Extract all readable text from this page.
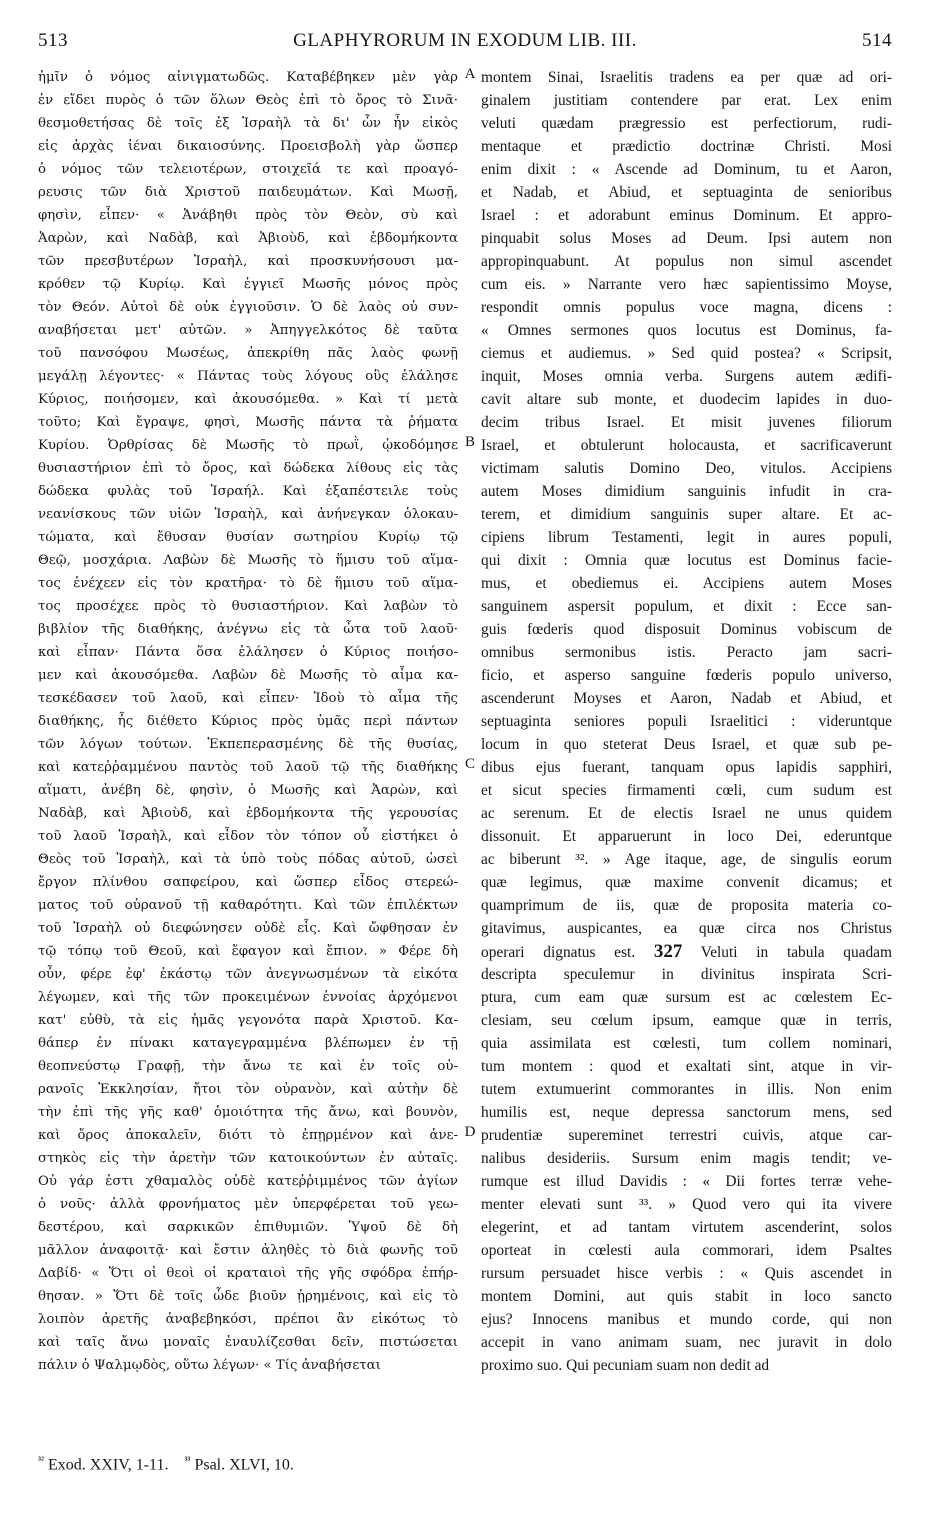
513	GLAPHYRORUM IN EXODUM LIB. III.	514
ἡμῖν ὁ νόμος αἰνιγματωδῶς. Καταβέβηκεν μὲν γὰρ
ἐν εἴδει πυρὸς ὁ τῶν ὅλων Θεὸς ἐπὶ τὸ ὄρος τὸ Σινᾶ·
θεσμοθετήσας δὲ τοῖς ἐξ Ἰσραὴλ τὰ δι' ὧν ἦν εἰκὸς
εἰς ἀρχὰς ἰέναι δικαιοσύνης. Προεισβολὴ γὰρ ὥσπερ
ὁ νόμος τῶν τελειοτέρων, στοιχεῖά τε καὶ προαγό-
ρευσις τῶν διὰ Χριστοῦ παιδευμάτων. Καὶ Μωσῇ,
φησὶν, εἶπεν· « Ἀνάβηθι πρὸς τὸν Θεὸν, σὺ καὶ
Ἀαρὼν, καὶ Ναδὰβ, καὶ Ἀβιοὺδ, καὶ ἑβδομήκοντα
τῶν πρεσβυτέρων Ἰσραὴλ, καὶ προσκυνήσουσι μα-
κρόθεν τῷ Κυρίῳ. Καὶ ἐγγιεῖ Μωσῆς μόνος πρὸς
τὸν Θεόν. Αὐτοὶ δὲ οὐκ ἐγγιοῦσιν. Ὁ δὲ λαὸς οὐ συν-
αναβήσεται μετ' αὐτῶν. » Ἀπηγγελκότος δὲ ταῦτα
τοῦ πανσόφου Μωσέως, ἀπεκρίθη πᾶς λαὸς φωνῇ
μεγάλῃ λέγοντες· « Πάντας τοὺς λόγους οὓς ἐλάλησε
Κύριος, ποιήσομεν, καὶ ἀκουσόμεθα. » Καὶ τί μετὰ
τοῦτο; Καὶ ἔγραψε, φησὶ, Μωσῆς πάντα τὰ ῥήματα
Κυρίου. Ὀρθρίσας δὲ Μωσῆς τὸ πρωῒ, ᾠκοδόμησε
θυσιαστήριον ἐπὶ τὸ ὄρος, καὶ δώδεκα λίθους εἰς τὰς
δώδεκα φυλὰς τοῦ Ἰσραήλ. Καὶ ἐξαπέστειλε τοὺς
νεανίσκους τῶν υἱῶν Ἰσραὴλ, καὶ ἀνήνεγκαν ὁλοκαυ-
τώματα, καὶ ἔθυσαν θυσίαν σωτηρίου Κυρίῳ τῷ
Θεῷ, μοσχάρια. Λαβὼν δὲ Μωσῆς τὸ ἥμισυ τοῦ αἵμα-
τος ἐνέχεεν εἰς τὸν κρατῆρα· τὸ δὲ ἥμισυ τοῦ αἵμα-
τος προσέχεε πρὸς τὸ θυσιαστήριον. Καὶ λαβὼν τὸ
βιβλίον τῆς διαθήκης, ἀνέγνω εἰς τὰ ὦτα τοῦ λαοῦ·
καὶ εἶπαν· Πάντα ὅσα ἐλάλησεν ὁ Κύριος ποιήσο-
μεν καὶ ἀκουσόμεθα. Λαβὼν δὲ Μωσῆς τὸ αἷμα κα-
τεσκέδασεν τοῦ λαοῦ, καὶ εἶπεν· Ἰδοὺ τὸ αἷμα τῆς
διαθήκης, ἧς διέθετο Κύριος πρὸς ὑμᾶς περὶ πάντων
τῶν λόγων τούτων. Ἐκπεπερασμένης δὲ τῆς θυσίας,
καὶ κατεῤῥαμμένου παντὸς τοῦ λαοῦ τῷ τῆς διαθήκης
αἵματι, ἀνέβη δὲ, φησὶν, ὁ Μωσῆς καὶ Ἀαρὼν, καὶ
Ναδὰβ, καὶ Ἀβιοὺδ, καὶ ἑβδομήκοντα τῆς γερουσίας
τοῦ λαοῦ Ἰσραὴλ, καὶ εἶδον τὸν τόπον οὗ εἱστήκει ὁ
Θεὸς τοῦ Ἰσραὴλ, καὶ τὰ ὑπὸ τοὺς πόδας αὐτοῦ, ὡσεὶ
ἔργον πλίνθου σαπφείρου, καὶ ὥσπερ εἶδος στερεώ-
ματος τοῦ οὐρανοῦ τῇ καθαρότητι. Καὶ τῶν ἐπιλέκτων
τοῦ Ἰσραὴλ οὐ διεφώνησεν οὐδὲ εἷς. Καὶ ὤφθησαν ἐν
τῷ τόπῳ τοῦ Θεοῦ, καὶ ἔφαγον καὶ ἔπιον. » Φέρε δὴ
οὖν, φέρε ἐφ' ἑκάστῳ τῶν ἀνεγνωσμένων τὰ εἰκότα
λέγωμεν, καὶ τῆς τῶν προκειμένων ἐννοίας ἀρχόμενοι
κατ' εὐθὺ, τὰ εἰς ἡμᾶς γεγονότα παρὰ Χριστοῦ. Κα-
θάπερ ἐν πίνακι καταγεγραμμένα βλέπωμεν ἐν τῇ
θεοπνεύστῳ Γραφῇ, τὴν ἄνω τε καὶ ἐν τοῖς οὐ-
ρανοῖς Ἐκκλησίαν, ἤτοι τὸν οὐρανὸν, καὶ αὐτὴν δὲ
τὴν ἐπὶ τῆς γῆς καθ' ὁμοιότητα τῆς ἄνω, καὶ βουνὸν,
καὶ ὄρος ἀποκαλεῖν, διότι τὸ ἐπῃρμένον καὶ ἀνε-
στηκὸς εἰς τὴν ἀρετὴν τῶν κατοικούντων ἐν αὐταῖς.
Οὐ γάρ ἐστι χθαμαλὸς οὐδὲ κατεῤῥιμμένος τῶν ἁγίων
ὁ νοῦς· ἀλλὰ φρονήματος μὲν ὑπερφέρεται τοῦ γεω-
δεστέρου, καὶ σαρκικῶν ἐπιθυμιῶν. Ὑψοῦ δὲ δὴ
μᾶλλον ἀναφοιτᾷ· καὶ ἔστιν ἀληθὲς τὸ διὰ φωνῆς τοῦ
Δαβίδ· « Ὅτι οἱ θεοὶ οἱ κραταιοὶ τῆς γῆς σφόδρα ἐπήρ-
θησαν. » Ὅτι δὲ τοῖς ὧδε βιοῦν ᾑρημένοις, καὶ εἰς τὸ
λοιπὸν ἀρετῆς ἀναβεβηκόσι, πρέποι ἂν εἰκότως τὸ
καὶ ταῖς ἄνω μοναῖς ἐναυλίζεσθαι δεῖν, πιστώσεται
πάλιν ὁ Ψαλμῳδὸς, οὕτω λέγων· « Τίς ἀναβήσεται
montem Sinai, Israelitis tradens ea per quæ ad ori-
ginalem justitiam contendere par erat. Lex enim
veluti quædam prægressio est perfectiorum, rudi-
mentaque et prædictio doctrinæ Christi. Mosi
enim dixit : « Ascende ad Dominum, tu et Aaron,
et Nadab, et Abiud, et septuaginta de senioribus
Israel : et adorabunt eminus Dominum. Et appro-
pinquabit solus Moses ad Deum. Ipsi autem non
appropinquabunt. At populus non simul ascendet
cum eis. » Narrante vero hæc sapientissimo Moyse,
respondit omnis populus voce magna, dicens :
« Omnes sermones quos locutus est Dominus, fa-
ciemus et audiemus. » Sed quid postea? « Scripsit,
inquit, Moses omnia verba. Surgens autem ædifi-
cavit altare sub monte, et duodecim lapides in duo-
decim tribus Israel. Et misit juvenes filiorum
Israel, et obtulerunt holocausta, et sacrificaverunt
victimam salutis Domino Deo, vitulos. Accipiens
autem Moses dimidium sanguinis infudit in cra-
terem, et dimidium sanguinis super altare. Et ac-
cipiens librum Testamenti, legit in aures populi,
qui dixit : Omnia quæ locutus est Dominus facie-
mus, et obediemus ei. Accipiens autem Moses
sanguinem aspersit populum, et dixit : Ecce san-
guis fœderis quod disposuit Dominus vobiscum de
omnibus sermonibus istis. Peracto jam sacri-
ficio, et asperso sanguine fœderis populo universo,
ascenderunt Moyses et Aaron, Nadab et Abiud, et
septuaginta seniores populi Israelitici : videruntque
locum in quo steterat Deus Israel, et quæ sub pe-
dibus ejus fuerant, tanquam opus lapidis sapphiri,
et sicut species firmamenti cœli, cum sudum est
ac serenum. Et de electis Israel ne unus quidem
dissonuit. Et apparuerunt in loco Dei, ederuntque
ac biberunt ³². » Age itaque, age, de singulis eorum
quæ legimus, quæ maxime convenit dicamus; et
quamprimum de iis, quæ de proposita materia co-
gitavimus, auspicantes, ea quæ circa nos Christus
operari dignatus est. 327 Veluti in tabula quadam
descripta speculemur in divinitus inspirata Scri-
ptura, cum eam quæ sursum est ac cœlestem Ec-
clesiam, seu cœlum ipsum, eamque quæ in terris,
quia assimilata est cœlesti, tum collem nominari,
tum montem : quod et exaltati sint, atque in vir-
tutem extumuerint commorantes in illis. Non enim
humilis est, neque depressa sanctorum mens, sed
prudentiæ supereminet terrestri cuivis, atque car-
nalibus desideriis. Sursum enim magis tendit; ve-
rumque est illud Davidis : « Dii fortes terræ vehe-
menter elevati sunt ³³. » Quod vero qui ita vivere
elegerint, et ad tantam virtutem ascenderint, solos
oporteat in cœlesti aula commorari, idem Psaltes
rursum persuadet hisce verbis : « Quis ascendet in
montem Domini, aut quis stabit in loco sancto
ejus? Innocens manibus et mundo corde, qui non
accepit in vano animam suam, nec juravit in dolo
proximo suo. Qui pecuniam suam non dedit ad
A
B
C
D
$^{^{32}}$ Exod. XXIV, 1-11. $^{^{33}}$ Psal. XLVI, 10.
